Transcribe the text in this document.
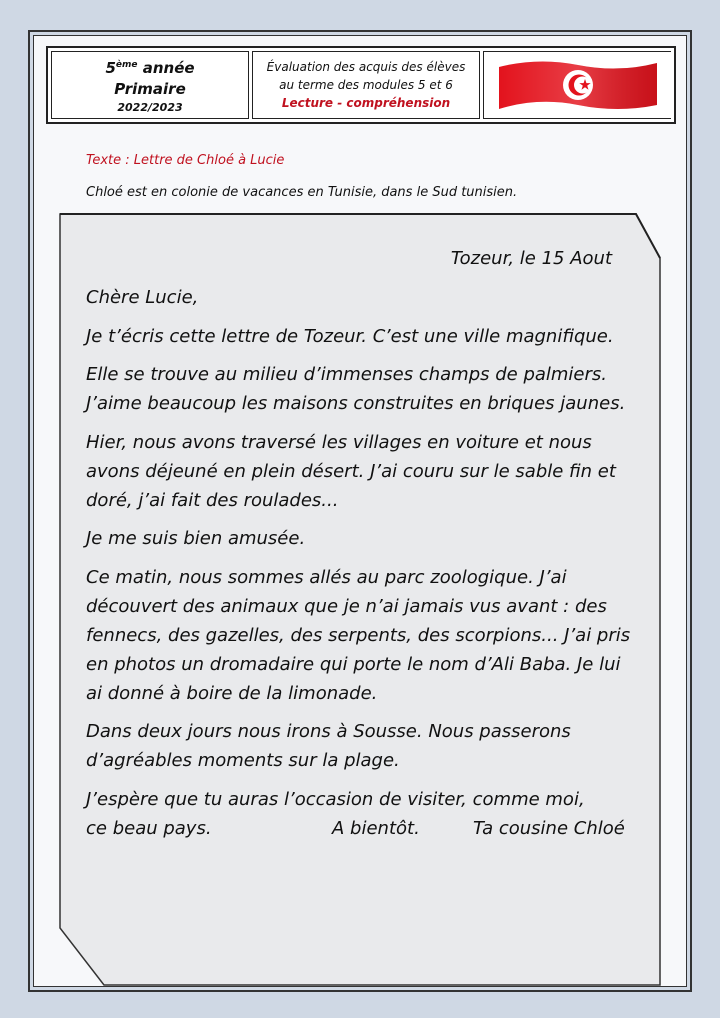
5ème année
Primaire
2022/2023
Évaluation des acquis des élèves
au terme des modules 5 et 6
Lecture - compréhension
Texte : Lettre de Chloé à Lucie
Chloé est en colonie de vacances en Tunisie, dans le Sud tunisien.

Tozeur, le 15 Aout

Chère Lucie,

Je t’écris cette lettre de Tozeur. C’est une ville magnifique.

Elle se trouve au milieu d’immenses champs de palmiers. J’aime beaucoup les maisons construites en briques jaunes.

Hier, nous avons traversé les villages en voiture et nous avons déjeuné en plein désert. J’ai couru sur le sable fin et doré, j’ai fait des roulades...

Je me suis bien amusée.

Ce matin, nous sommes allés au parc zoologique. J’ai découvert des animaux que je n’ai jamais vus avant : des fennecs, des gazelles, des serpents, des scorpions... J’ai pris en photos un dromadaire qui porte le nom d’Ali Baba. Je lui ai donné à boire de la limonade.

Dans deux jours nous irons à Sousse. Nous passerons d’agréables moments sur la plage.

J’espère que tu auras l’occasion de visiter, comme moi,

ce beau pays.	A bientôt.	Ta cousine Chloé
